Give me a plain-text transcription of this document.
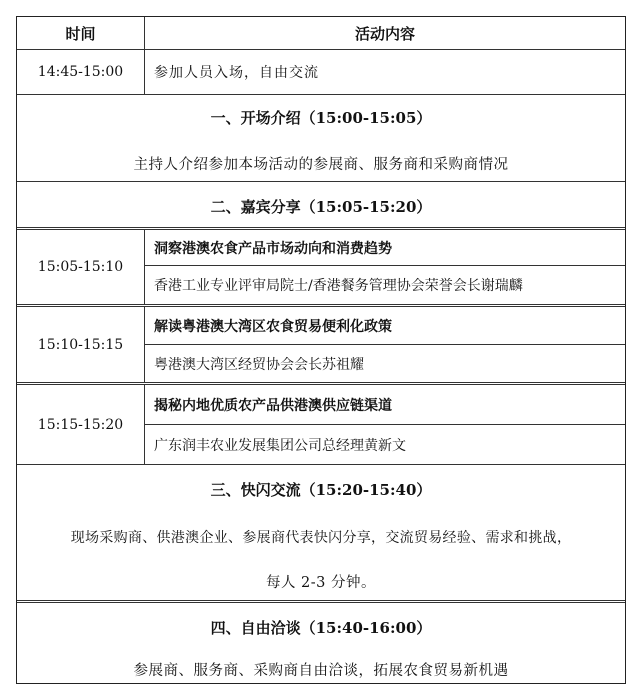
时间	活动内容
14:45-15:00	参加人员入场，自由交流
一、开场介绍（15:00-15:05）
主持人介绍参加本场活动的参展商、服务商和采购商情况
二、嘉宾分享（15:05-15:20）
15:05-15:10
洞察港澳农食产品市场动向和消费趋势
香港工业专业评审局院士/香港餐务管理协会荣誉会长谢瑞麟
15:10-15:15
解读粤港澳大湾区农食贸易便利化政策
粤港澳大湾区经贸协会会长苏祖耀
15:15-15:20
揭秘内地优质农产品供港澳供应链渠道
广东润丰农业发展集团公司总经理黄新文
三、快闪交流（15:20-15:40）
现场采购商、供港澳企业、参展商代表快闪分享，交流贸易经验、需求和挑战，
每人 2-3 分钟。
四、自由洽谈（15:40-16:00）
参展商、服务商、采购商自由洽谈，拓展农食贸易新机遇
